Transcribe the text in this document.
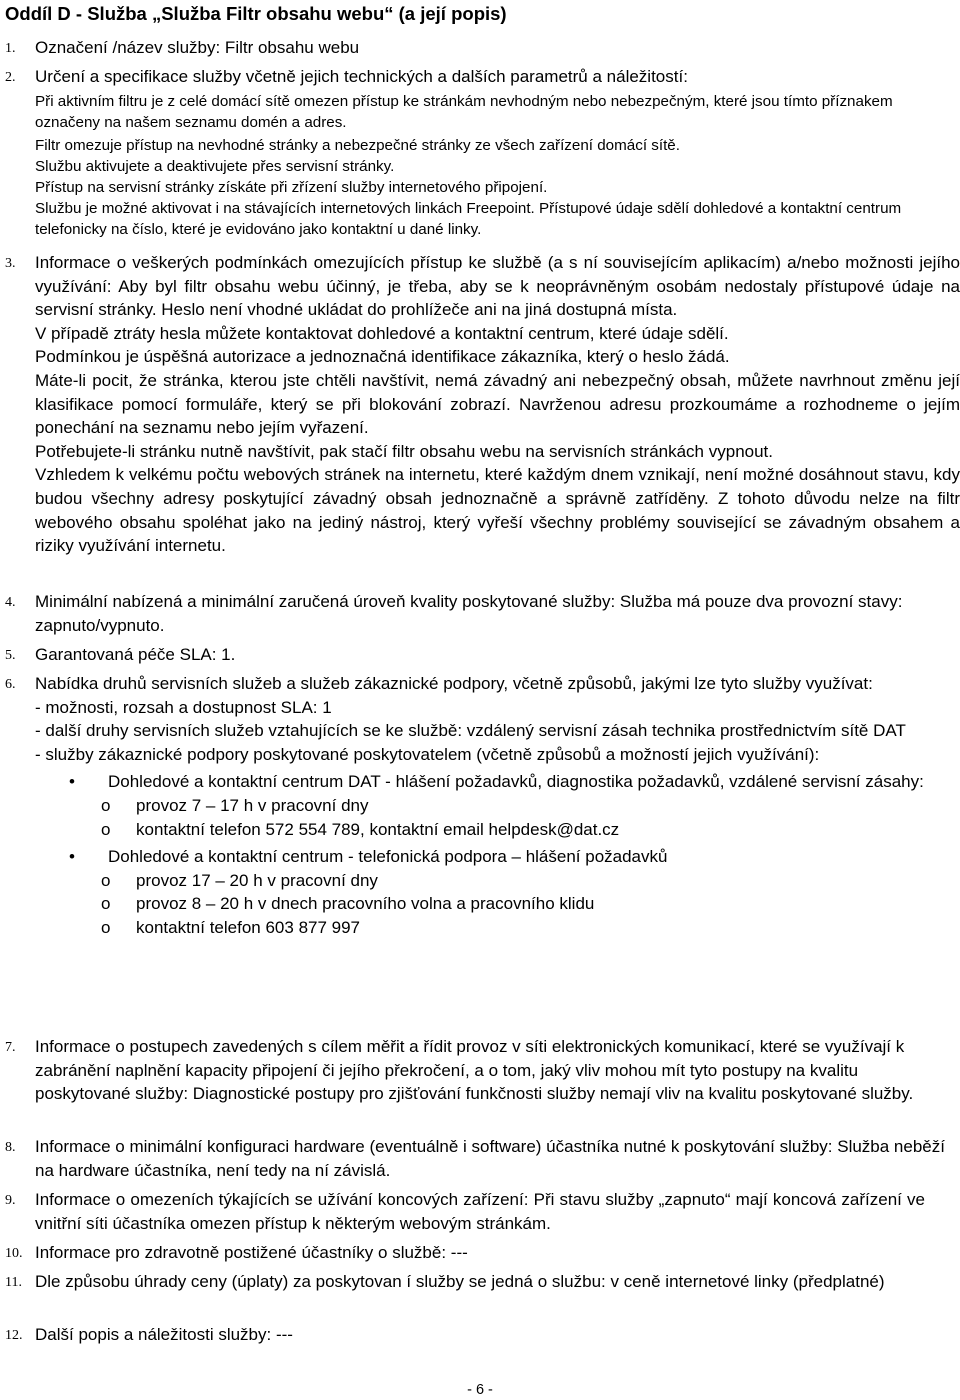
Oddíl D - Služba „Služba Filtr obsahu webu“ (a její popis)
1. Označení /název služby: Filtr obsahu webu
2. Určení a specifikace služby včetně jejich technických a dalších parametrů a náležitostí:
Při aktivním filtru je z celé domácí sítě omezen přístup ke stránkám nevhodným nebo nebezpečným, které jsou tímto příznakem označeny na našem seznamu domén a adres.
Filtr omezuje přístup na nevhodné stránky a nebezpečné stránky ze všech zařízení domácí sítě.
Službu aktivujete a deaktivujete přes servisní stránky.
Přístup na servisní stránky získáte při zřízení služby internetového připojení.
Službu je možné aktivovat i na stávajících internetových linkách Freepoint. Přístupové údaje sdělí dohledové a kontaktní centrum telefonicky na číslo, které je evidováno jako kontaktní u dané linky.
3. Informace o veškerých podmínkách omezujících přístup ke službě (a s ní souvisejícím aplikacím) a/nebo možnosti jejího využívání: Aby byl filtr obsahu webu účinný, je třeba, aby se k neoprávněným osobám nedostaly přístupové údaje na servisní stránky. Heslo není vhodné ukládat do prohlížeče ani na jiná dostupná místa.
V případě ztráty hesla můžete kontaktovat dohledové a kontaktní centrum, které údaje sdělí.
Podmínkou je úspěšná autorizace a jednoznačná identifikace zákazníka, který o heslo žádá.
Máte-li pocit, že stránka, kterou jste chtěli navštívit, nemá závadný ani nebezpečný obsah, můžete navrhnout změnu její klasifikace pomocí formuláře, který se při blokování zobrazí. Navrženou adresu prozkoumáme a rozhodneme o jejím ponechání na seznamu nebo jejím vyřazení.
Potřebujete-li stránku nutně navštívit, pak stačí filtr obsahu webu na servisních stránkách vypnout.
Vzhledem k velkému počtu webových stránek na internetu, které každým dnem vznikají, není možné dosáhnout stavu, kdy budou všechny adresy poskytující závadný obsah jednoznačně a správně zatříděny. Z tohoto důvodu nelze na filtr webového obsahu spoléhat jako na jediný nástroj, který vyřeší všechny problémy související se závadným obsahem a riziky využívání internetu.
4. Minimální nabízená a minimální zaručená úroveň kvality poskytované služby: Služba má pouze dva provozní stavy: zapnuto/vypnuto.
5. Garantovaná péče SLA: 1.
6. Nabídka druhů servisních služeb a služeb zákaznické podpory, včetně způsobů, jakými lze tyto služby využívat:
- možnosti, rozsah a dostupnost SLA: 1
- další druhy servisních služeb vztahujících se ke službě: vzdálený servisní zásah technika prostřednictvím sítě DAT
- služby zákaznické podpory poskytované poskytovatelem (včetně způsobů a možností jejich využívání):
• Dohledové a kontaktní centrum DAT - hlášení požadavků, diagnostika požadavků, vzdálené servisní zásahy:
o provoz 7 – 17 h v pracovní dny
o kontaktní telefon 572 554 789, kontaktní email helpdesk@dat.cz
• Dohledové a kontaktní centrum - telefonická podpora – hlášení požadavků
o provoz 17 – 20 h v pracovní dny
o provoz 8 – 20 h v dnech pracovního volna a pracovního klidu
o kontaktní telefon 603 877 997
7. Informace o postupech zavedených s cílem měřit a řídit provoz v síti elektronických komunikací, které se využívají k zabránění naplnění kapacity připojení či jejího překročení, a o tom, jaký vliv mohou mít tyto postupy na kvalitu poskytované služby: Diagnostické postupy pro zjišťování funkčnosti služby nemají vliv na kvalitu poskytované služby.
8. Informace o minimální konfiguraci hardware (eventuálně i software) účastníka nutné k poskytování služby: Služba neběží na hardware účastníka, není tedy na ní závislá.
9. Informace o omezeních týkajících se užívání koncových zařízení: Při stavu služby „zapnuto“ mají koncová zařízení ve vnitřní síti účastníka omezen přístup k některým webovým stránkám.
10. Informace pro zdravotně postižené účastníky o službě: ---
11. Dle způsobu úhrady ceny (úplaty) za poskytovan í služby se jedná o službu: v ceně internetové linky (předplatné)
12. Další popis a náležitosti služby: ---
- 6 -
